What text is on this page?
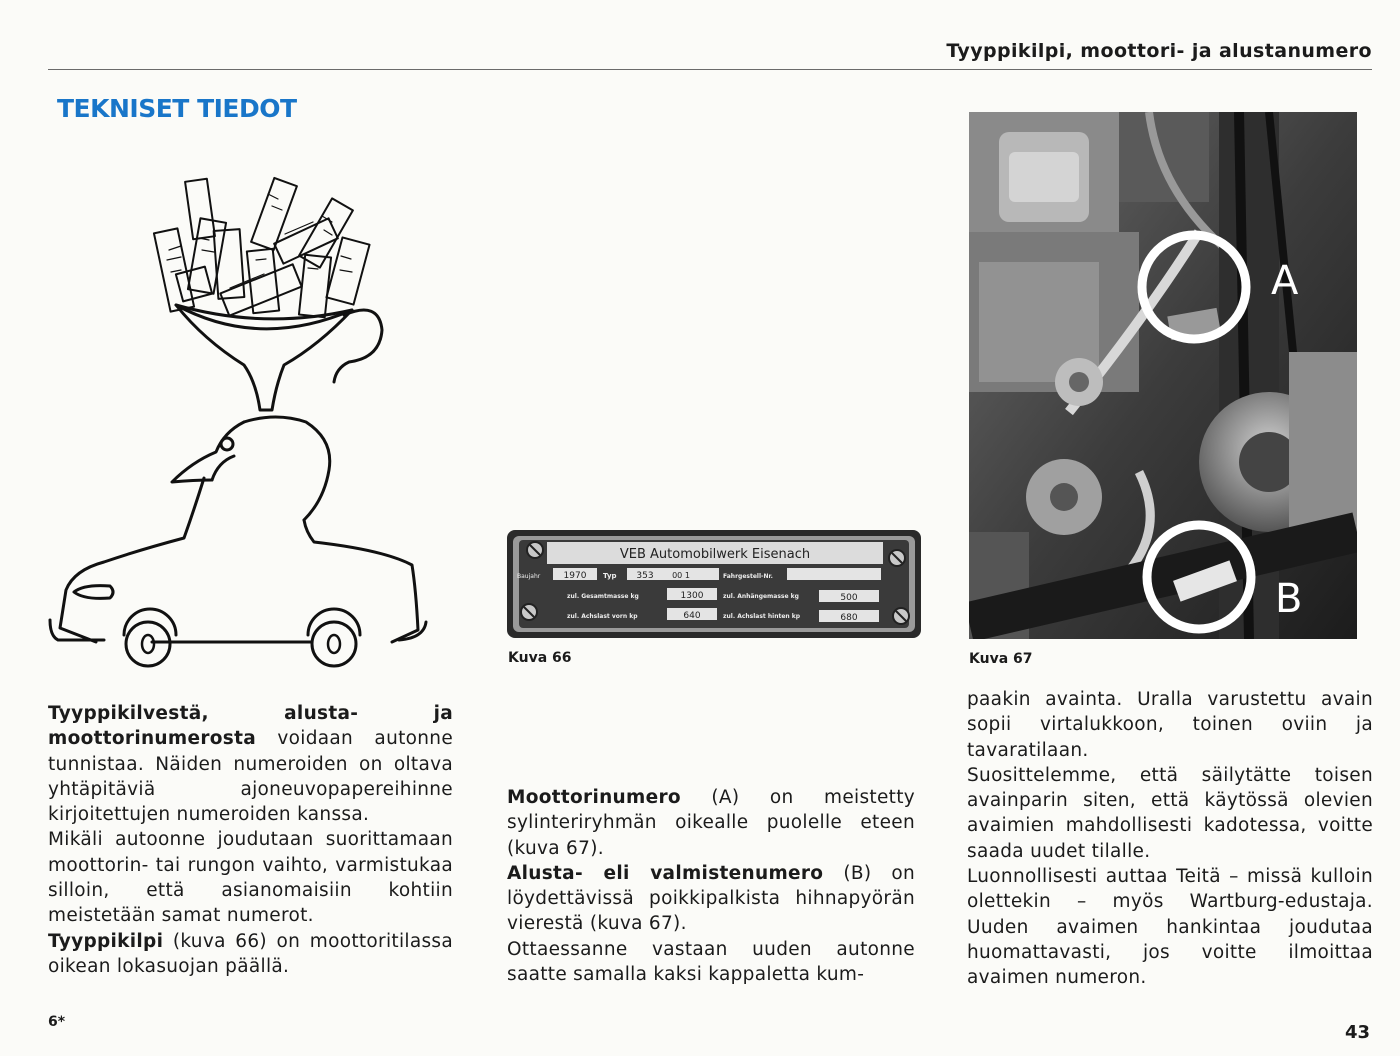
Tyyppikilpi, moottori- ja alustanumero
TEKNISET TIEDOT
VEB Automobilwerk Eisenach
Baujahr	1970 Typ 353 00 1	Fahrgestell-Nr.
zul. Gesamtmasse kg	1300	zul. Anhängemasse kg	500
zul. Achslast vorn kp	640	zul. Achslast hinten kp	680
Kuva 66
A
B
Kuva 67

Tyyppikilvestä, alusta- ja moottorinumerosta voidaan autonne tunnistaa. Näiden numeroiden on oltava yhtäpitäviä ajoneuvopapereihinne kirjoitettujen numeroiden kanssa.

Mikäli autoonne joudutaan suorittamaan moottorin- tai rungon vaihto, varmistukaa silloin, että asianomaisiin kohtiin meistetään samat numerot.

Tyyppikilpi (kuva 66) on moottoritilassa oikean lokasuojan päällä.

Moottorinumero (A) on meistetty sylinteriryhmän oikealle puolelle eteen (kuva 67).

Alusta- eli valmistenumero (B) on löydettävissä poikkipalkista hihnapyörän vierestä (kuva 67).

Ottaessanne vastaan uuden autonne saatte samalla kaksi kappaletta kum-

paakin avainta. Uralla varustettu avain sopii virtalukkoon, toinen oviin ja tavaratilaan.

Suosittelemme, että säilytätte toisen avainparin siten, että käytössä olevien avaimien mahdollisesti kadotessa, voitte saada uudet tilalle.

Luonnollisesti auttaa Teitä – missä kulloin olettekin – myös Wartburg-edustaja. Uuden avaimen hankintaa joudutaa huomattavasti, jos voitte ilmoittaa avaimen numeron.

6*	43
